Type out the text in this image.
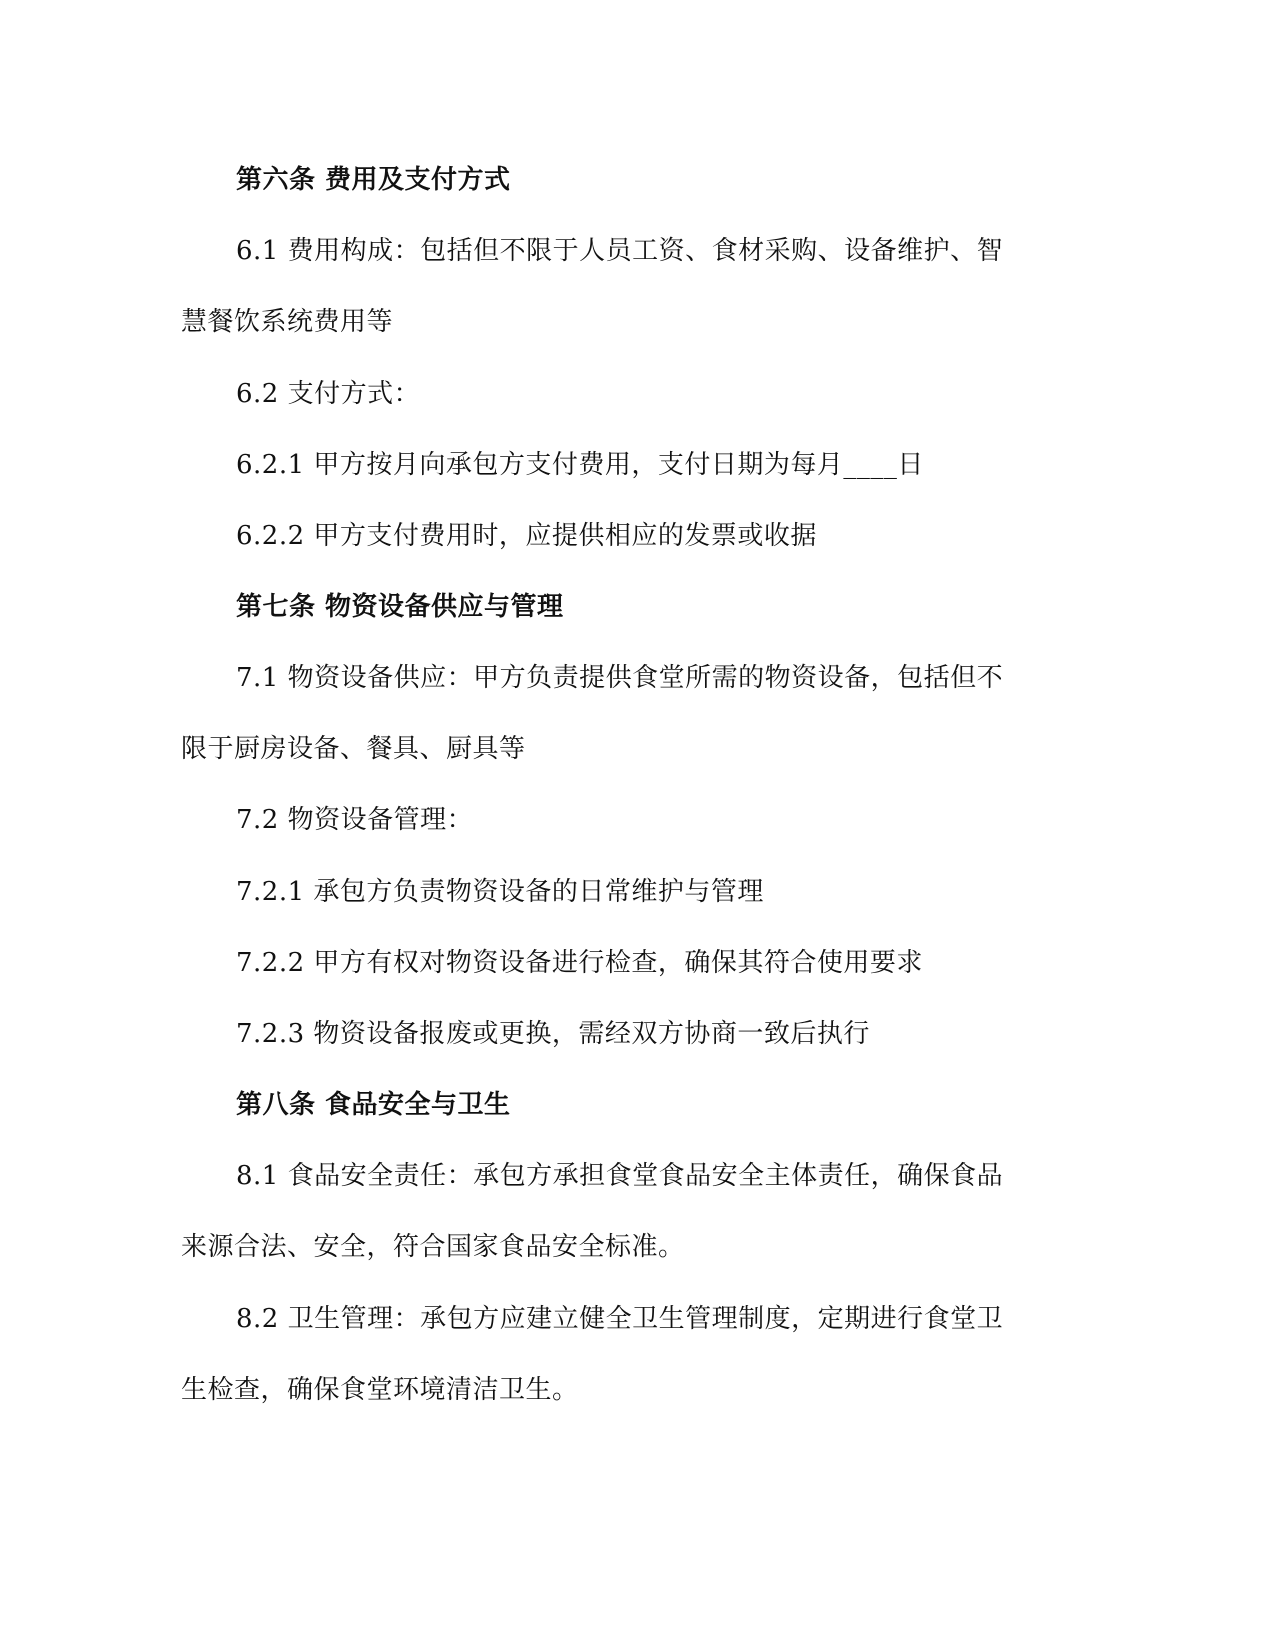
第六条 费用及支付方式
6.1 费用构成：包括但不限于人员工资、食材采购、设备维护、智
慧餐饮系统费用等
6.2 支付方式：
6.2.1 甲方按月向承包方支付费用，支付日期为每月____日
6.2.2 甲方支付费用时，应提供相应的发票或收据
第七条 物资设备供应与管理
7.1 物资设备供应：甲方负责提供食堂所需的物资设备，包括但不
限于厨房设备、餐具、厨具等
7.2 物资设备管理：
7.2.1 承包方负责物资设备的日常维护与管理
7.2.2 甲方有权对物资设备进行检查，确保其符合使用要求
7.2.3 物资设备报废或更换，需经双方协商一致后执行
第八条 食品安全与卫生
8.1 食品安全责任：承包方承担食堂食品安全主体责任，确保食品
来源合法、安全，符合国家食品安全标准。
8.2 卫生管理：承包方应建立健全卫生管理制度，定期进行食堂卫
生检查，确保食堂环境清洁卫生。
